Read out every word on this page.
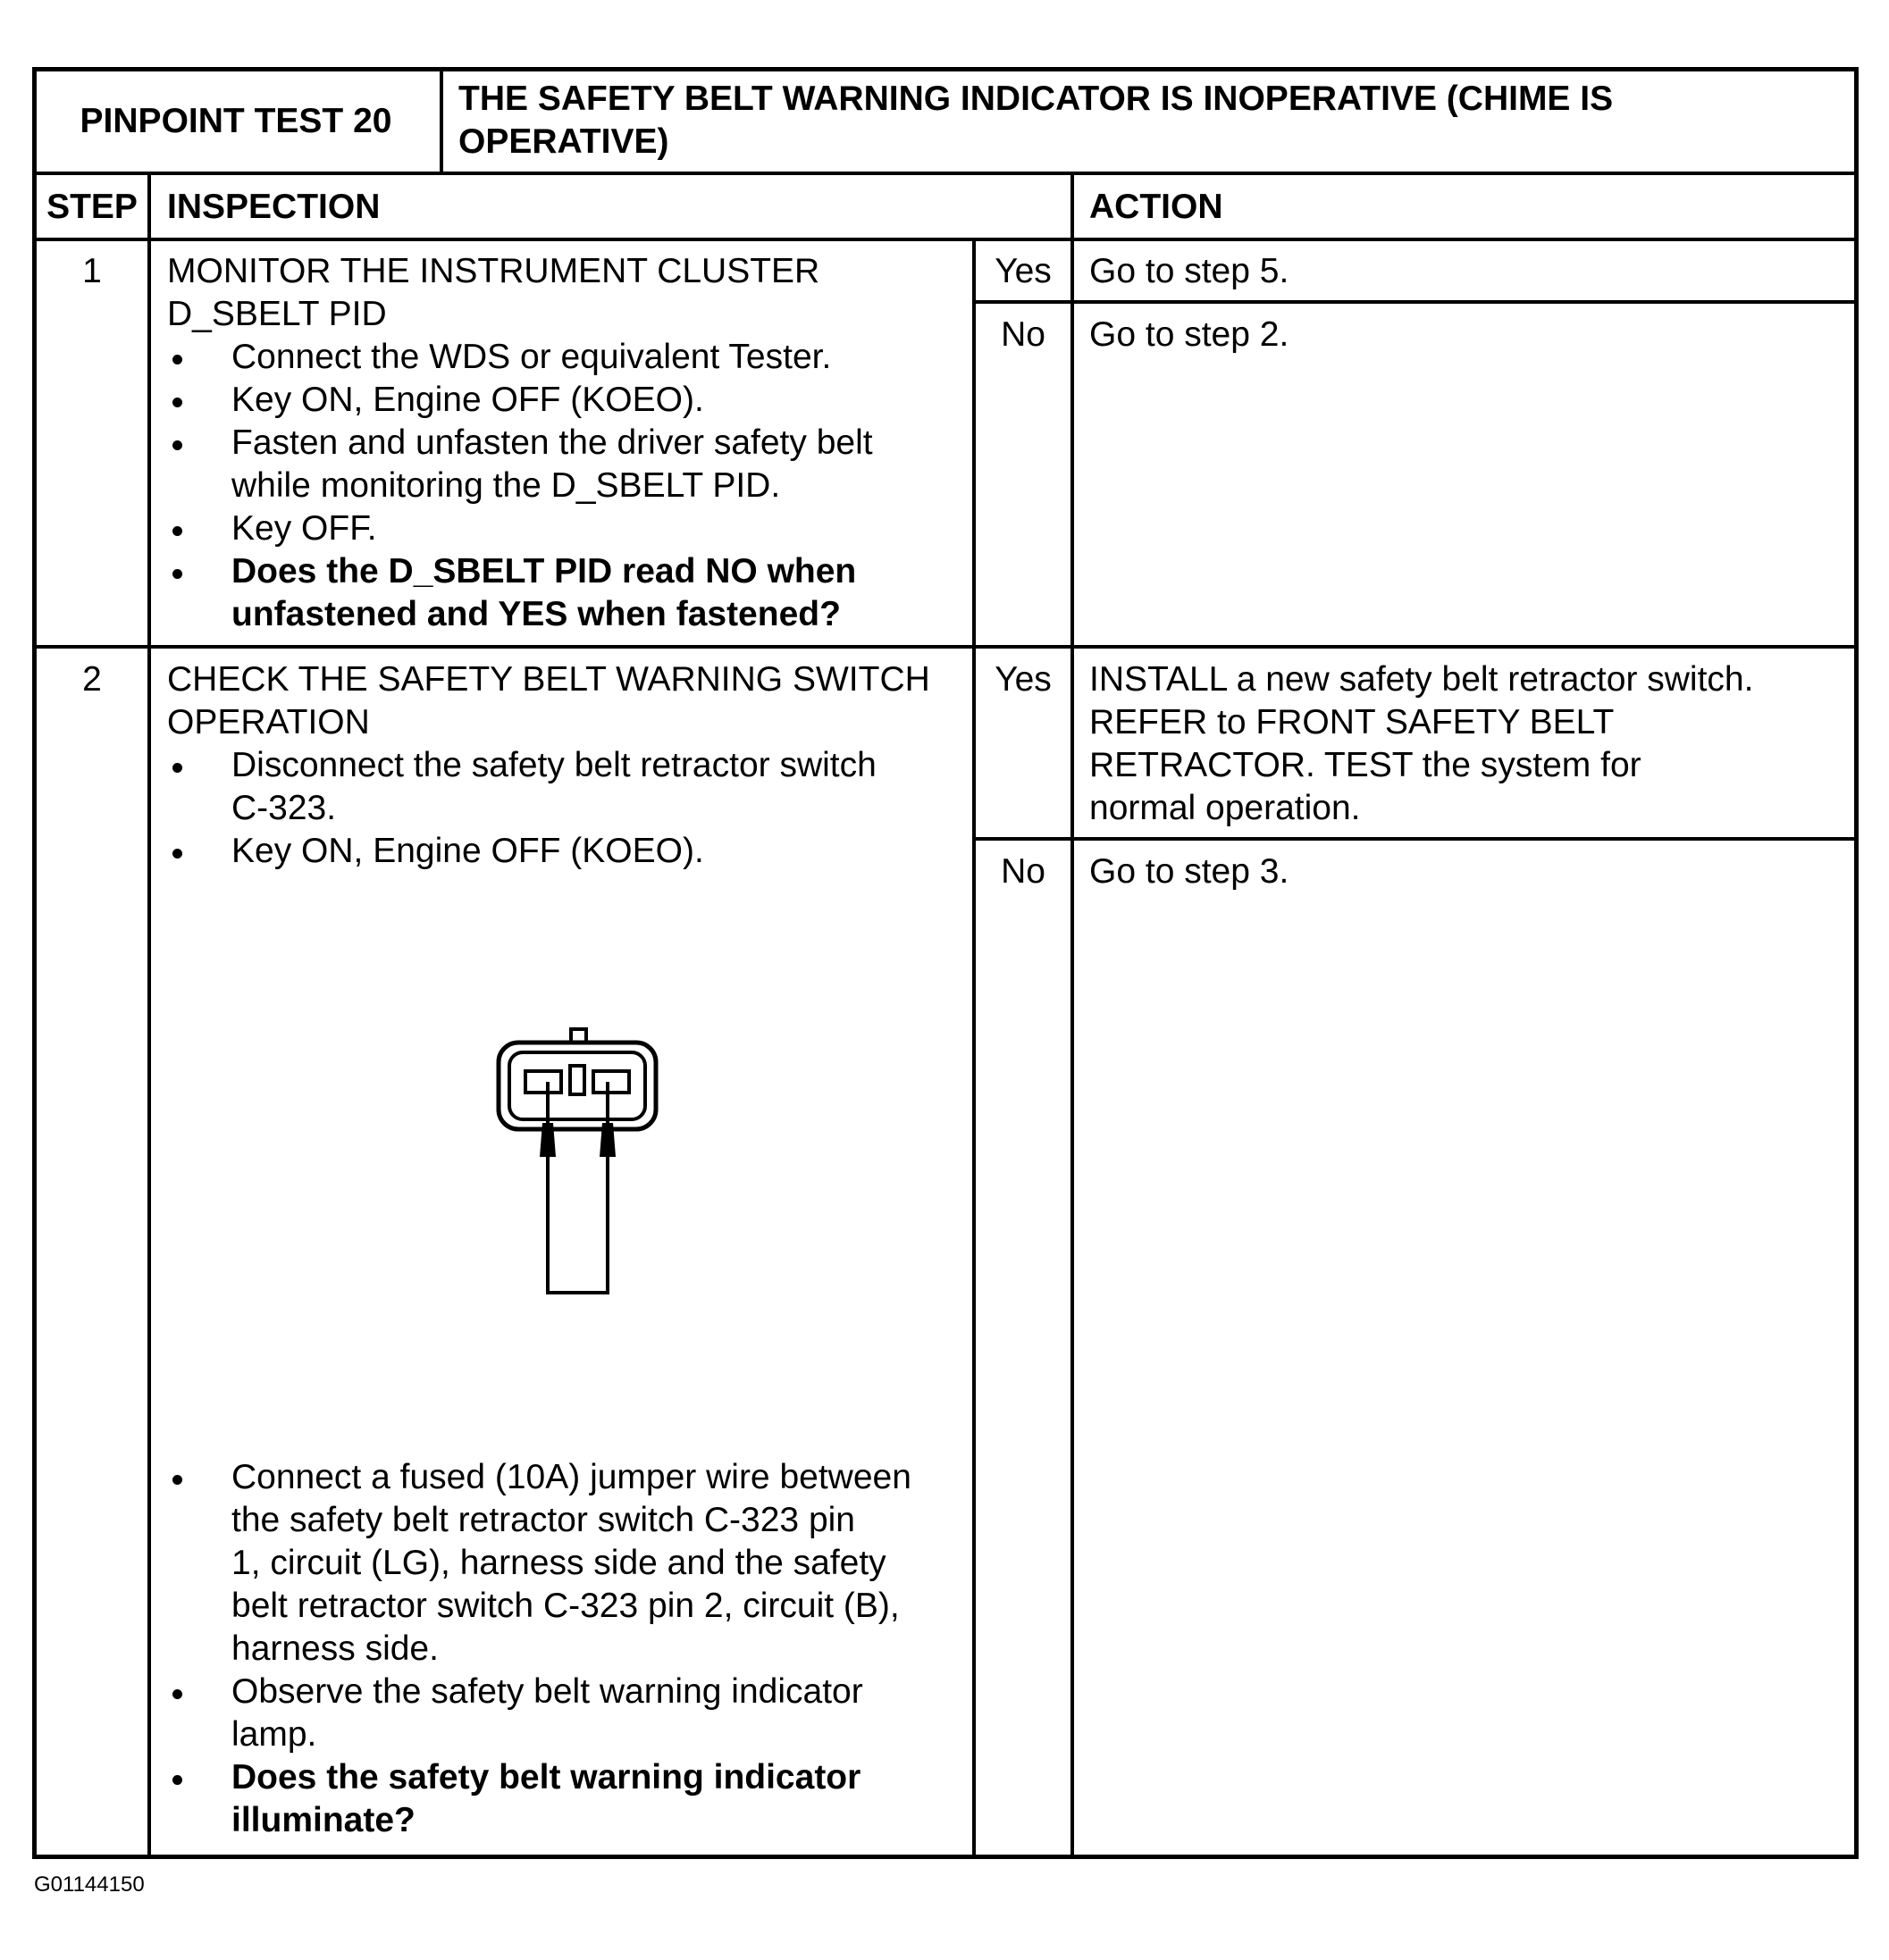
PINPOINT TEST 20
THE SAFETY BELT WARNING INDICATOR IS INOPERATIVE (CHIME IS
OPERATIVE)
STEP INSPECTION	ACTION
1	MONITOR THE INSTRUMENT CLUSTER
D_SBELT PID
Connect the WDS or equivalent Tester.
Key ON, Engine OFF (KOEO).
Fasten and unfasten the driver safety belt
while monitoring the D_SBELT PID.
Key OFF.
Does the D_SBELT PID read NO when
unfastened and YES when fastened?
Yes	Go to step 5.
No	Go to step 2.
2	CHECK THE SAFETY BELT WARNING SWITCH
OPERATION
Disconnect the safety belt retractor switch
C-323.
Key ON, Engine OFF (KOEO).
Connect a fused (10A) jumper wire between
the safety belt retractor switch C-323 pin
1, circuit (LG), harness side and the safety
belt retractor switch C-323 pin 2, circuit (B),
harness side.
Observe the safety belt warning indicator
lamp.
Does the safety belt warning indicator
illuminate?
Yes	INSTALL a new safety belt retractor switch.
REFER to FRONT SAFETY BELT
RETRACTOR. TEST the system for
normal operation.
No	Go to step 3.
G01144150
